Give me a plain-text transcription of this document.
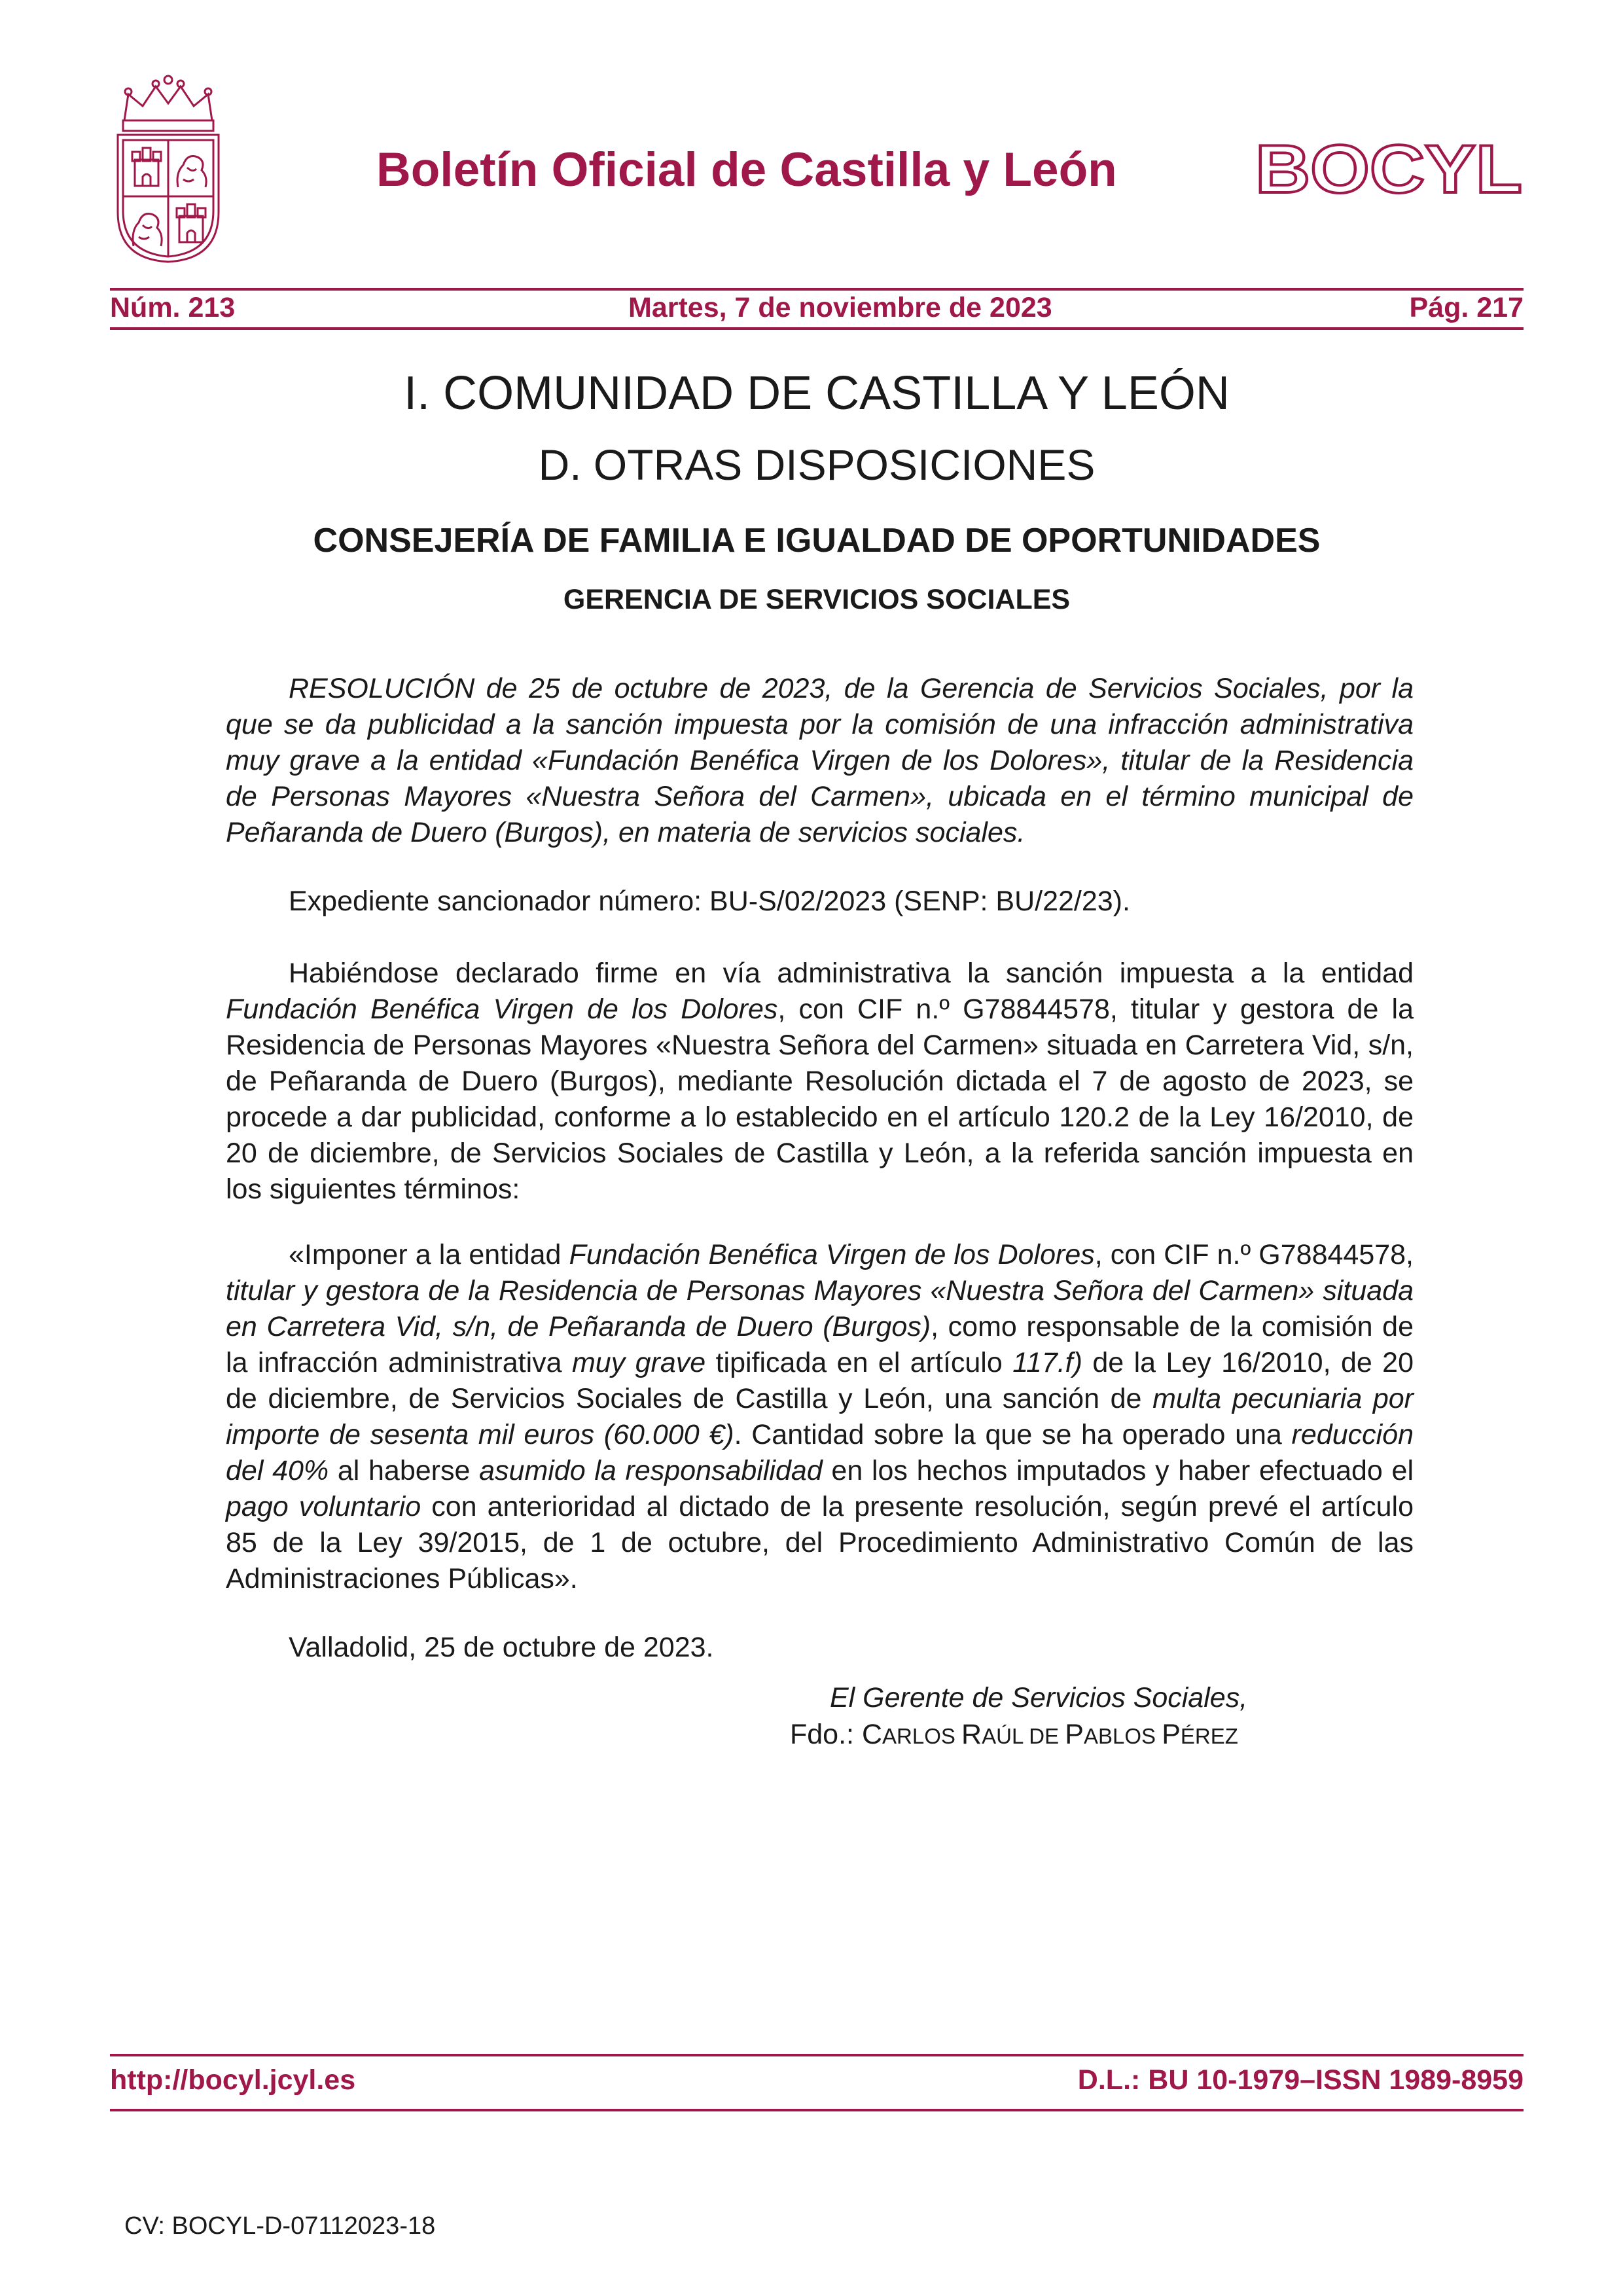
Boletín Oficial de Castilla y León BOCYL
Núm. 213	Martes, 7 de noviembre de 2023	Pág. 217
I. COMUNIDAD DE CASTILLA Y LEÓN
D. OTRAS DISPOSICIONES
CONSEJERÍA DE FAMILIA E IGUALDAD DE OPORTUNIDADES
GERENCIA DE SERVICIOS SOCIALES
RESOLUCIÓN de 25 de octubre de 2023, de la Gerencia de Servicios Sociales, por la que se da publicidad a la sanción impuesta por la comisión de una infracción administrativa muy grave a la entidad «Fundación Benéfica Virgen de los Dolores», titular de la Residencia de Personas Mayores «Nuestra Señora del Carmen», ubicada en el término municipal de Peñaranda de Duero (Burgos), en materia de servicios sociales.
Expediente sancionador número: BU-S/02/2023 (SENP: BU/22/23).
Habiéndose declarado firme en vía administrativa la sanción impuesta a la entidad Fundación Benéfica Virgen de los Dolores, con CIF n.º G78844578, titular y gestora de la Residencia de Personas Mayores «Nuestra Señora del Carmen» situada en Carretera Vid, s/n, de Peñaranda de Duero (Burgos), mediante Resolución dictada el 7 de agosto de 2023, se procede a dar publicidad, conforme a lo establecido en el artículo 120.2 de la Ley 16/2010, de 20 de diciembre, de Servicios Sociales de Castilla y León, a la referida sanción impuesta en los siguientes términos:
«Imponer a la entidad Fundación Benéfica Virgen de los Dolores, con CIF n.º G78844578, titular y gestora de la Residencia de Personas Mayores «Nuestra Señora del Carmen» situada en Carretera Vid, s/n, de Peñaranda de Duero (Burgos), como responsable de la comisión de la infracción administrativa muy grave tipificada en el artículo 117.f) de la Ley 16/2010, de 20 de diciembre, de Servicios Sociales de Castilla y León, una sanción de multa pecuniaria por importe de sesenta mil euros (60.000 €). Cantidad sobre la que se ha operado una reducción del 40% al haberse asumido la responsabilidad en los hechos imputados y haber efectuado el pago voluntario con anterioridad al dictado de la presente resolución, según prevé el artículo 85 de la Ley 39/2015, de 1 de octubre, del Procedimiento Administrativo Común de las Administraciones Públicas».
Valladolid, 25 de octubre de 2023.
El Gerente de Servicios Sociales,
Fdo.: CARLOS RAÚL DE PABLOS PÉREZ
http://bocyl.jcyl.es	D.L.: BU 10-1979–ISSN 1989-8959
CV: BOCYL-D-07112023-18
